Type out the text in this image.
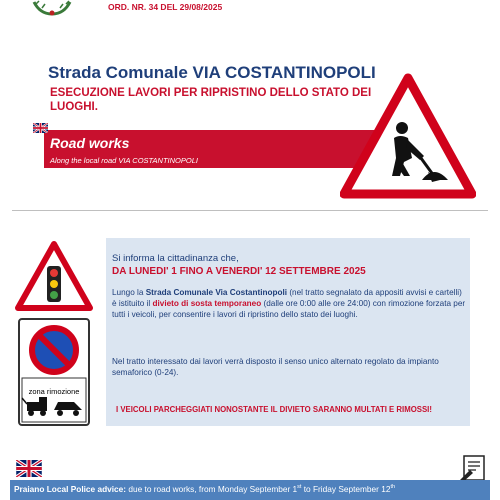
ORD. NR. 34 DEL 29/08/2025
Strada Comunale VIA COSTANTINOPOLI
ESECUZIONE LAVORI PER RIPRISTINO DELLO STATO DEI LUOGHI.
Road works
Along the local road VIA COSTANTINOPOLI
zona rimozione
Si informa la cittadinanza che,
DA LUNEDI' 1 FINO A VENERDI' 12 SETTEMBRE 2025
Lungo la Strada Comunale Via Costantinopoli (nel tratto segnalato da appositi avvisi e cartelli) è istituito il divieto di sosta temporaneo (dalle ore 0:00 alle ore 24:00) con rimozione forzata per tutti i veicoli, per consentire i lavori di ripristino dello stato dei luoghi.
Nel tratto interessato dai lavori verrà disposto il senso unico alternato regolato da impianto semaforico (0-24).
I VEICOLI PARCHEGGIATI NONOSTANTE IL DIVIETO SARANNO MULTATI E RIMOSSI!
Praiano Local Police advice: due to road works, from Monday September 1st to Friday September 12th
